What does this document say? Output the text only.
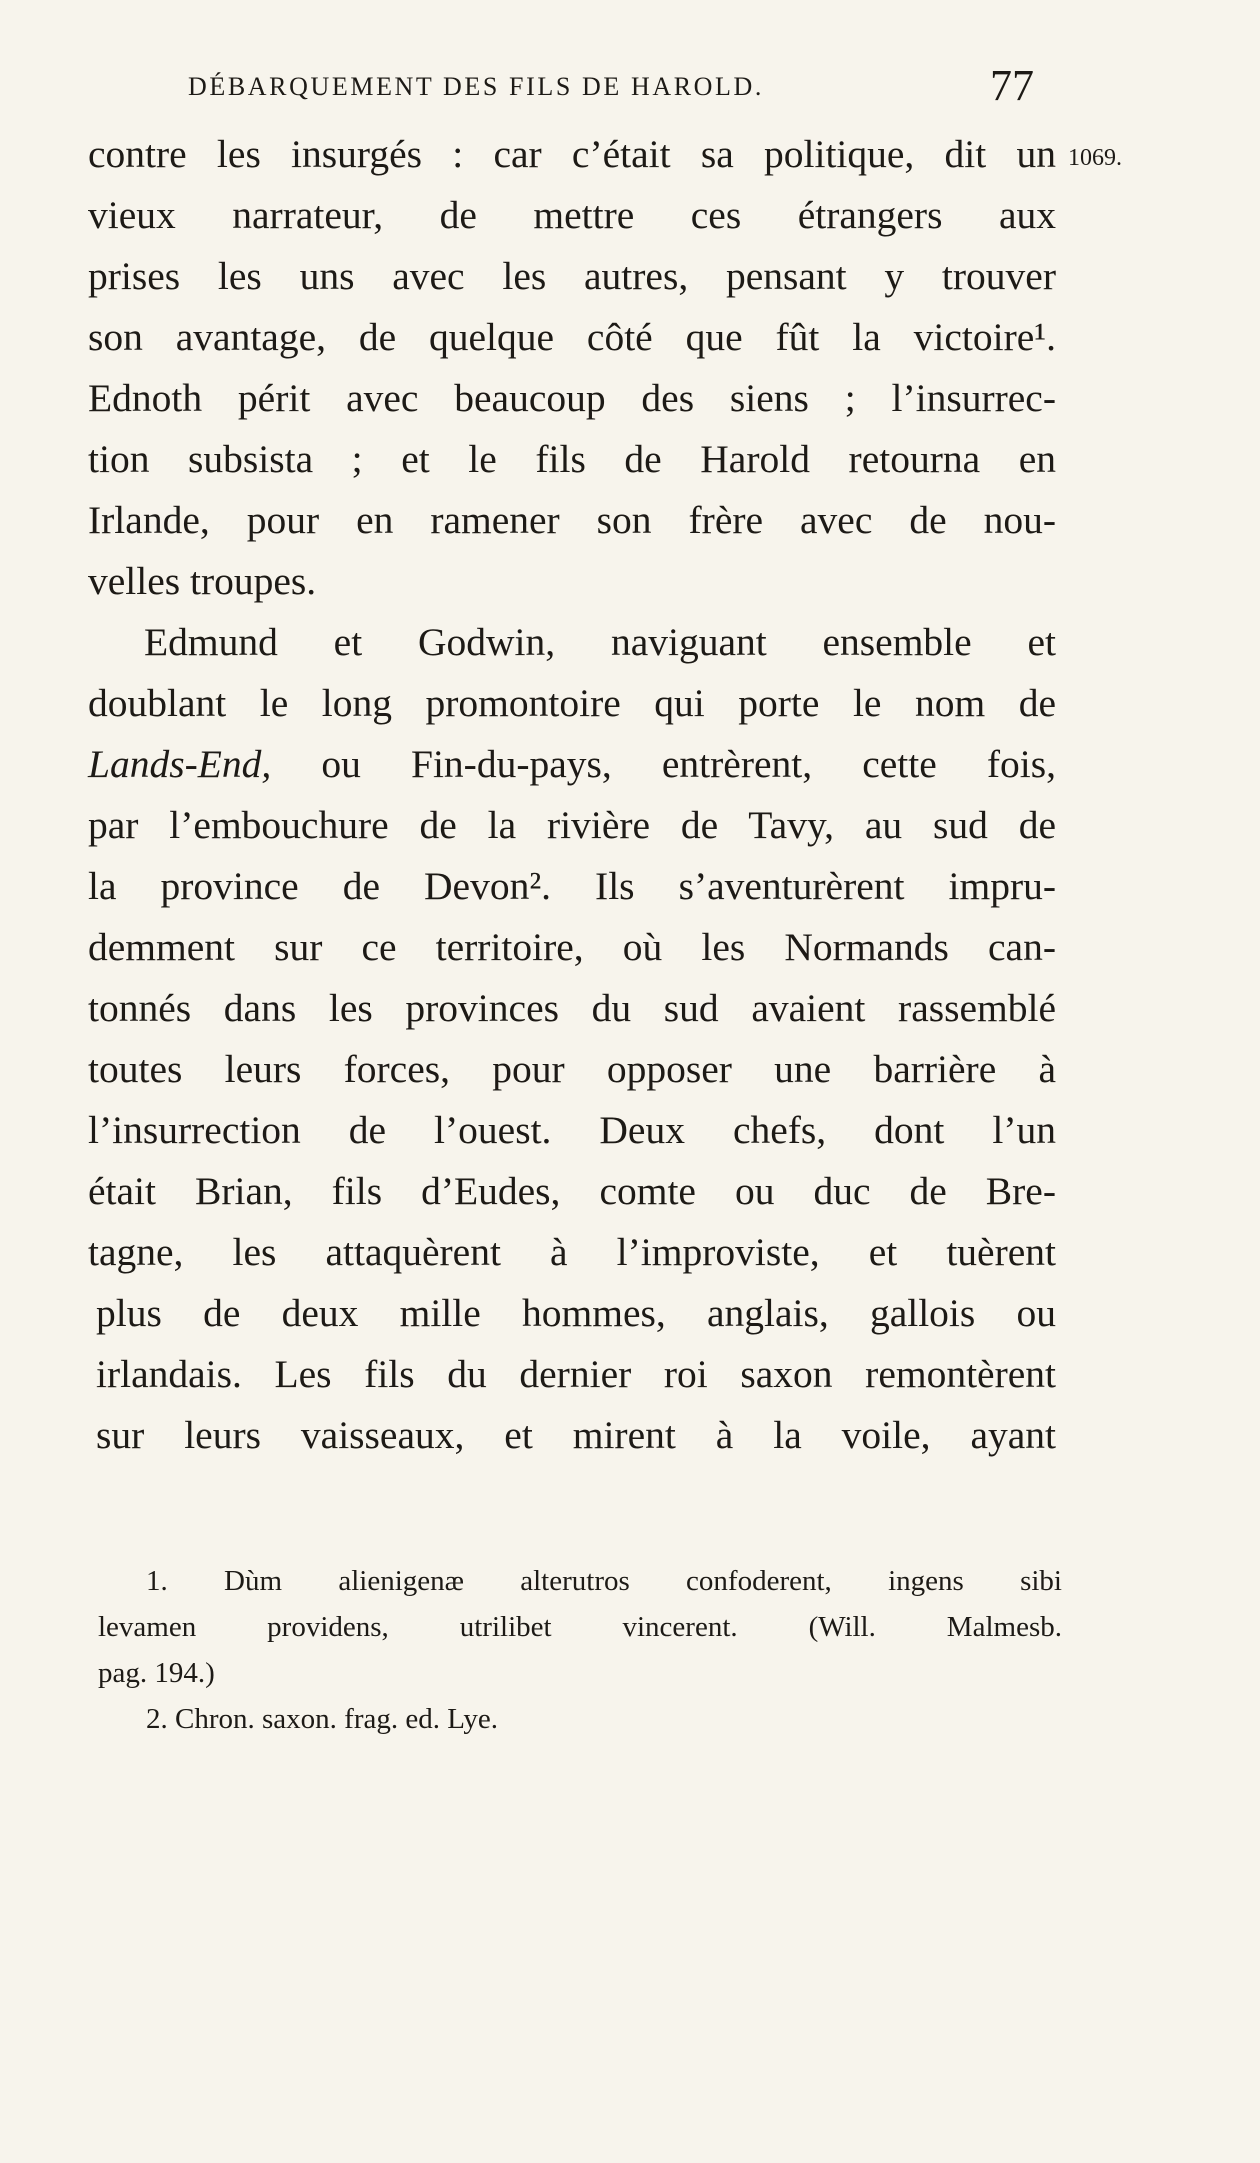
DÉBARQUEMENT DES FILS DE HAROLD.	77
1069.
contre les insurgés : car c’était sa politique, dit un
vieux narrateur, de mettre ces étrangers aux
prises les uns avec les autres, pensant y trouver
son avantage, de quelque côté que fût la victoire¹.
Ednoth périt avec beaucoup des siens ; l’insurrec-
tion subsista ; et le fils de Harold retourna en
Irlande, pour en ramener son frère avec de nou-
velles troupes.
Edmund et Godwin, naviguant ensemble et
doublant le long promontoire qui porte le nom de
Lands-End, ou Fin-du-pays, entrèrent, cette fois,
par l’embouchure de la rivière de Tavy, au sud de
la province de Devon². Ils s’aventurèrent impru-
demment sur ce territoire, où les Normands can-
tonnés dans les provinces du sud avaient rassemblé
toutes leurs forces, pour opposer une barrière à
l’insurrection de l’ouest. Deux chefs, dont l’un
était Brian, fils d’Eudes, comte ou duc de Bre-
tagne, les attaquèrent à l’improviste, et tuèrent
plus de deux mille hommes, anglais, gallois ou
irlandais. Les fils du dernier roi saxon remontèrent
sur leurs vaisseaux, et mirent à la voile, ayant
1. Dùm alienigenæ alterutros confoderent, ingens sibi
levamen providens, utrilibet vincerent. (Will. Malmesb.
pag. 194.)
2. Chron. saxon. frag. ed. Lye.
